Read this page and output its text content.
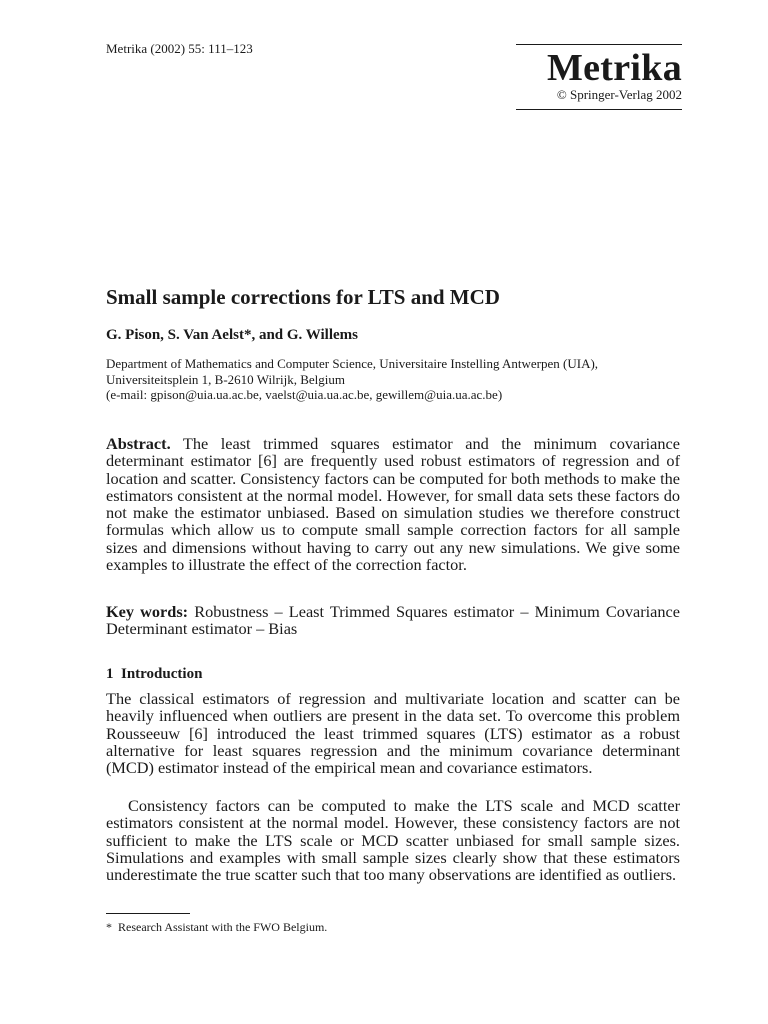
Metrika (2002) 55: 111–123	Metrika
© Springer-Verlag 2002
Small sample corrections for LTS and MCD
G. Pison, S. Van Aelst*, and G. Willems
Department of Mathematics and Computer Science, Universitaire Instelling Antwerpen (UIA),
Universiteitsplein 1, B-2610 Wilrijk, Belgium
(e-mail: gpison@uia.ua.ac.be, vaelst@uia.ua.ac.be, gewillem@uia.ua.ac.be)
Abstract. The least trimmed squares estimator and the minimum covariance determinant estimator [6] are frequently used robust estimators of regression and of location and scatter. Consistency factors can be computed for both methods to make the estimators consistent at the normal model. However, for small data sets these factors do not make the estimator unbiased. Based on simulation studies we therefore construct formulas which allow us to compute small sample correction factors for all sample sizes and dimensions without having to carry out any new simulations. We give some examples to illustrate the effect of the correction factor.
Key words: Robustness – Least Trimmed Squares estimator – Minimum Covariance Determinant estimator – Bias
1  Introduction
The classical estimators of regression and multivariate location and scatter can be heavily influenced when outliers are present in the data set. To overcome this problem Rousseeuw [6] introduced the least trimmed squares (LTS) estimator as a robust alternative for least squares regression and the minimum covariance determinant (MCD) estimator instead of the empirical mean and covariance estimators.
Consistency factors can be computed to make the LTS scale and MCD scatter estimators consistent at the normal model. However, these consistency factors are not sufficient to make the LTS scale or MCD scatter unbiased for small sample sizes. Simulations and examples with small sample sizes clearly show that these estimators underestimate the true scatter such that too many observations are identified as outliers.
*  Research Assistant with the FWO Belgium.
